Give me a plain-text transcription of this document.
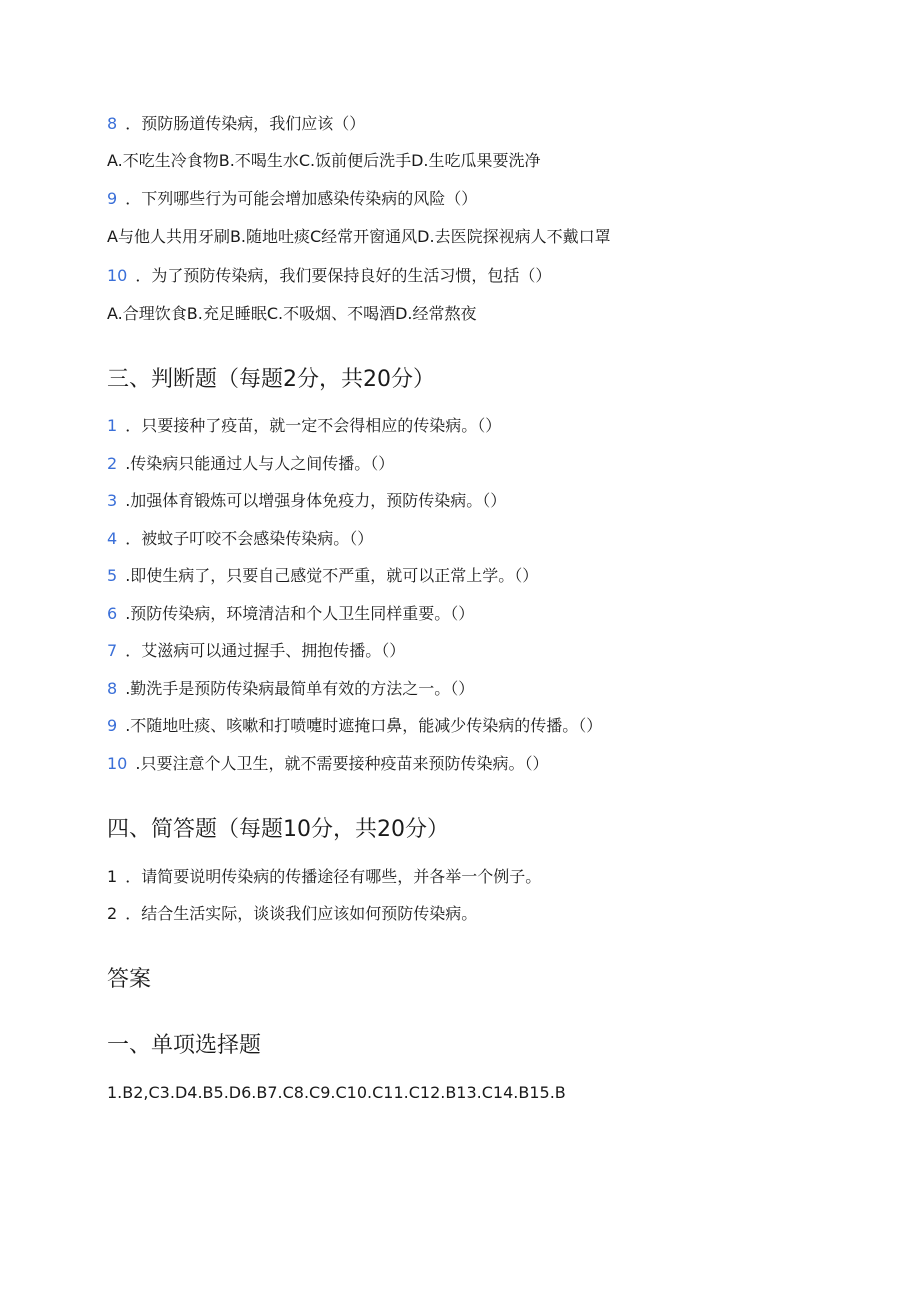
8 ．预防肠道传染病，我们应该（）
A.不吃生冷食物B.不喝生水C.饭前便后洗手D.生吃瓜果要洗净
9 ．下列哪些行为可能会增加感染传染病的风险（）
A与他人共用牙刷B.随地吐痰C经常开窗通风D.去医院探视病人不戴口罩
10 ．为了预防传染病，我们要保持良好的生活习惯，包括（）
A.合理饮食B.充足睡眠C.不吸烟、不喝酒D.经常熬夜
三、判断题（每题2分，共20分）
1 ．只要接种了疫苗，就一定不会得相应的传染病。（）
2 .传染病只能通过人与人之间传播。（）
3 .加强体育锻炼可以增强身体免疫力，预防传染病。（）
4 ．被蚊子叮咬不会感染传染病。（）
5 .即使生病了，只要自己感觉不严重，就可以正常上学。（）
6 .预防传染病，环境清洁和个人卫生同样重要。（）
7 ．艾滋病可以通过握手、拥抱传播。（）
8 .勤洗手是预防传染病最简单有效的方法之一。（）
9 .不随地吐痰、咳嗽和打喷嚏时遮掩口鼻，能减少传染病的传播。（）
10 .只要注意个人卫生，就不需要接种疫苗来预防传染病。（）
四、简答题（每题10分，共20分）
1 ．请简要说明传染病的传播途径有哪些，并各举一个例子。
2 ．结合生活实际，谈谈我们应该如何预防传染病。
答案
一、单项选择题
1.B2,C3.D4.B5.D6.B7.C8.C9.C10.C11.C12.B13.C14.B15.B
